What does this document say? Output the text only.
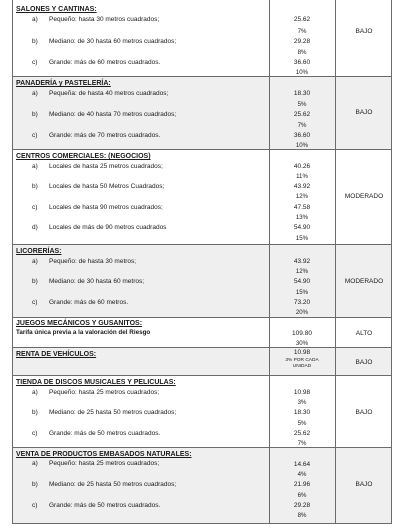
SALONES Y CANTINAS:
a) Pequeño: hasta 30 metros cuadrados;	25.62
7%
b) Mediano: de 30 hasta 60 metros cuadrados;	29.28
8%
c) Grande: más de 60 metros cuadrados.	36.60
10%
BAJO
PANADERÍA y PASTELERÍA:
a) Pequeña: de hasta 40 metros cuadrados;	18.30
5%
b) Mediano: de 40 hasta 70 metros cuadrados;	25.62
7%
c) Grande: más de 70 metros cuadrados.	36.60
10%
BAJO
CENTROS COMERCIALES: (NEGOCIOS)
a) Locales de hasta 25 metros cuadrados;	40.26
11%
b) Locales de hasta 50 Metros Cuadrados;	43.92
12%
c) Locales de hasta 90 metros cuadrados;	47.58
13%
d) Locales de más de 90 metros cuadrados	54.90
15%
MODERADO
LICORERÍAS:
a) Pequeño: de hasta 30 metros;	43.92
12%
b) Mediano: de 30 hasta 60 metros;	54.90
15%
c) Grande: más de 60 metros.	73.20
20%
MODERADO
JUEGOS MECÁNICOS Y GUSANITOS:
Tarifa única previa a la valoración del Riesgo	109.80
30%
ALTO
RENTA DE VEHÍCULOS:	10.98
3% POR CADA
UNIDAD
BAJO
TIENDA DE DISCOS MUSICALES Y PELICULAS:
a) Pequeño: hasta 25 metros cuadrados;	10.98
3%
b) Mediano: de 25 hasta 50 metros cuadrados;	18.30
5%
c) Grande: más de 50 metros cuadrados.	25.62
7%
BAJO
VENTA DE PRODUCTOS EMBASADOS NATURALES:
a) Pequeño: hasta 25 metros cuadrados;	14.64
4%
b) Mediano: de 25 hasta 50 metros cuadrados;	21.96
6%
c) Grande: más de 50 metros cuadrados.	29.28
8%
BAJO
